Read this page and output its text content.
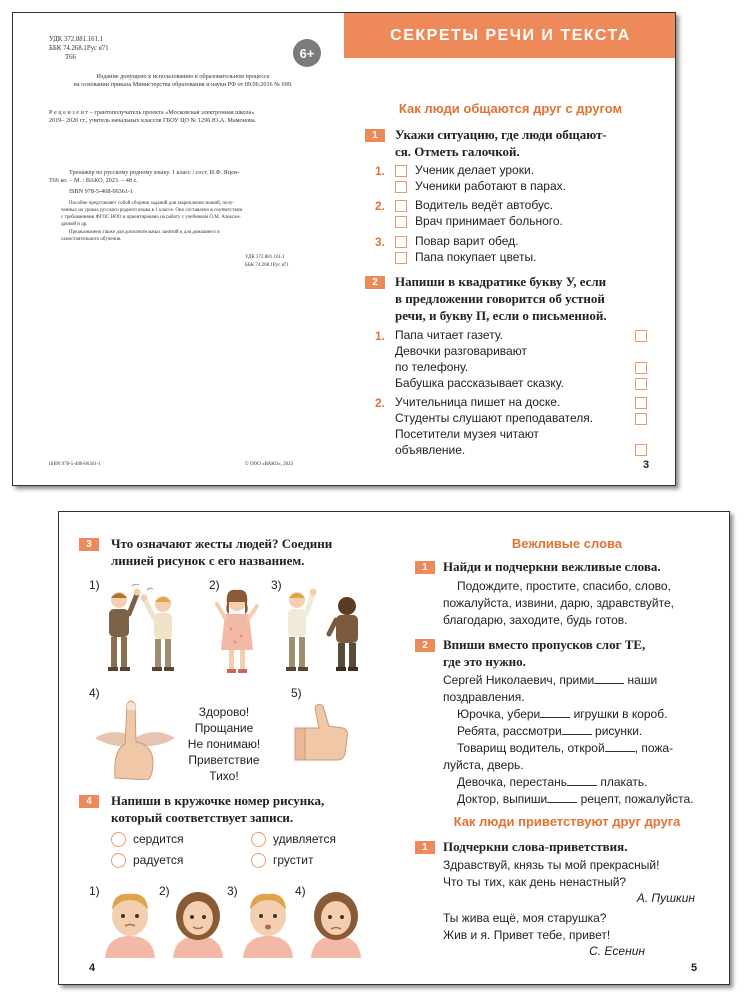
УДК 372.881.161.1
ББК 74.268.1Рус я71
Т66	6+
Издание допущено к использованию в образовательном процессе
на основании приказа Министерства образования и науки РФ от 09.06.2016 № 699.
Р е ц е н з е н т – грантополучатель проекта «Московская электронная школа»
2019– 2020 гг., учитель начальных классов ГБОУ ЦО № 1296 Ю.А. Мамонова.
Тренажёр по русскому родному языку. 1 класс / сост. И.Ф. Яцен-
Т66 ко. – М. : ВАКО, 2023. – 48 с.
ISBN 978-5-408-06361-1
Пособие представляет собой сборник заданий для закрепления знаний, полу-
ченных на уроках русского родного языка в 1 классе. Оно составлено в соответствии
с требованиями ФГОС НОО и ориентировано на работу с учебником О.М. Алексан-
дровой и др.
Предназначено также для дополнительных занятий и для домашнего и
самостоятельного обучения.
УДК 372.881.161.1
ББК 74.268.1Рус я71
ISBN 978-5-408-06361-1	© ООО «ВАКО», 2023
СЕКРЕТЫ РЕЧИ И ТЕКСТА
Как люди общаются друг с другом
1	Укажи ситуацию, где люди общают-
ся. Отметь галочкой.
1. Ученик делает уроки.
Ученики работают в парах.
2. Водитель ведёт автобус.
Врач принимает больного.
3. Повар варит обед.
Папа покупает цветы.
2	Напиши в квадратике букву У, если
в предложении говорится об устной
речи, и букву П, если о письменной.
1. Папа читает газету.
Девочки разговаривают
по телефону.
Бабушка рассказывает сказку.
2. Учительница пишет на доске.
Студенты слушают преподавателя.
Посетители музея читают
объявление.
3
3	Что означают жесты людей? Соедини
линией рисунок с его названием.
1)	2)	3)
4)	5)
Здорово!
Прощание
Не понимаю!
Приветствие
Тихо!
4	Напиши в кружочке номер рисунка,
который соответствует записи.
сердится	удивляется
радуется	грустит
1)	2)	3)	4)
4
Вежливые слова
1	Найди и подчеркни вежливые слова.
Подождите, простите, спасибо, слово,
пожалуйста, извини, дарю, здравствуйте,
благодарю, заходите, будь готов.
2	Впиши вместо пропусков слог ТЕ,
где это нужно.
Сергей Николаевич, прими	наши
поздравления.
Юрочка, убери	игрушки в короб.
Ребята, рассмотри	рисунки.
Товарищ водитель, открой	, пожа-
луйста, дверь.
Девочка, перестань	плакать.
Доктор, выпиши	рецепт, пожалуйста.
Как люди приветствуют друг друга
1	Подчеркни слова-приветствия.
Здравствуй, князь ты мой прекрасный!
Что ты тих, как день ненастный?
А. Пушкин
Ты жива ещё, моя старушка?
Жив и я. Привет тебе, привет!
С. Есенин
5
